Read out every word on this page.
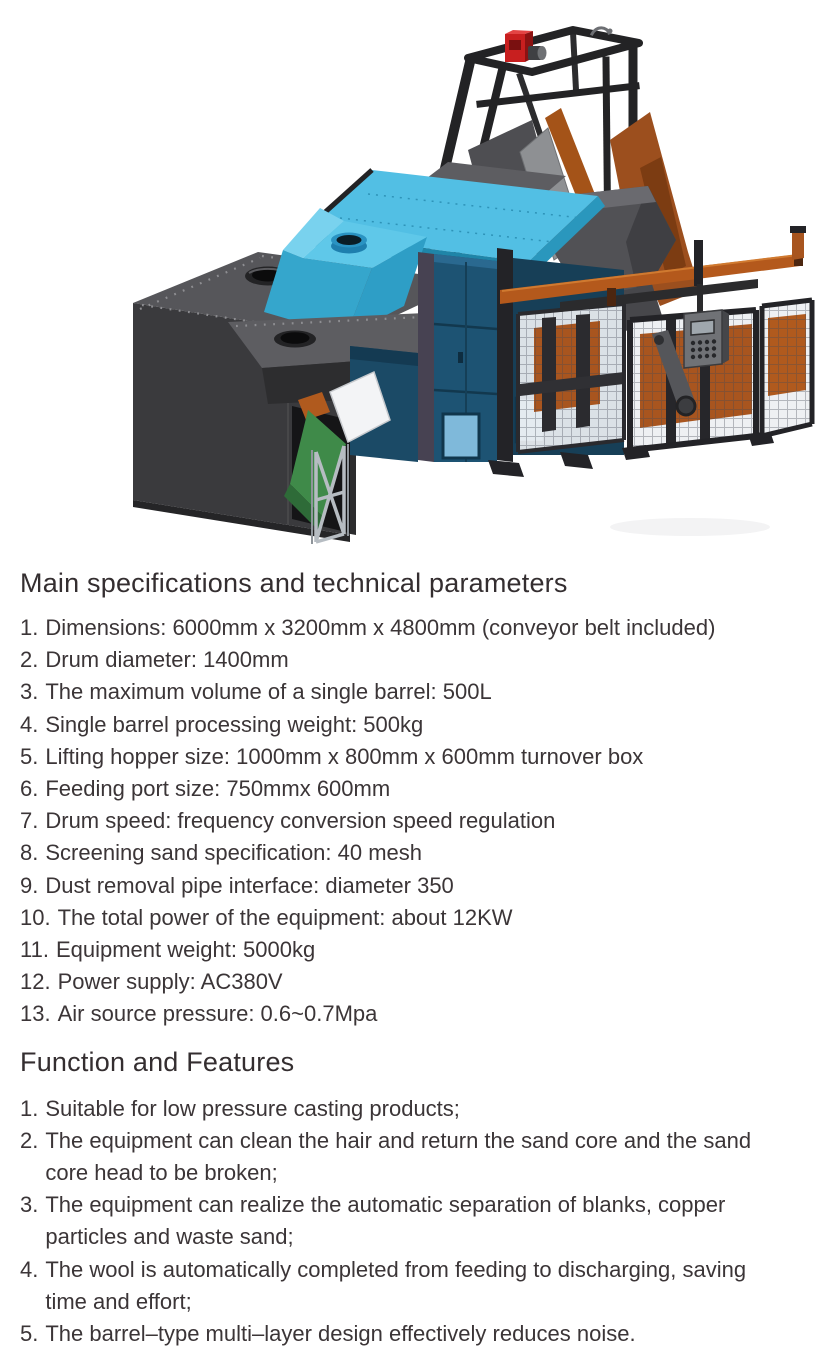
Main specifications and technical parameters
1. Dimensions: 6000mm x 3200mm x 4800mm (conveyor belt included)
2. Drum diameter: 1400mm
3. The maximum volume of a single barrel: 500L
4. Single barrel processing weight: 500kg
5. Lifting hopper size: 1000mm x 800mm x 600mm turnover box
6. Feeding port size: 750mmx 600mm
7. Drum speed: frequency conversion speed regulation
8. Screening sand specification: 40 mesh
9. Dust removal pipe interface: diameter 350
10. The total power of the equipment: about 12KW
11. Equipment weight: 5000kg
12. Power supply: AC380V
13. Air source pressure: 0.6~0.7Mpa
Function and Features
1. Suitable for low pressure casting products;
2. The equipment can clean the hair and return the sand core and the sand core head to be broken;
3. The equipment can realize the automatic separation of blanks, copper particles and waste sand;
4. The wool is automatically completed from feeding to discharging, saving time and effort;
5. The barrel–type multi–layer design effectively reduces noise.
